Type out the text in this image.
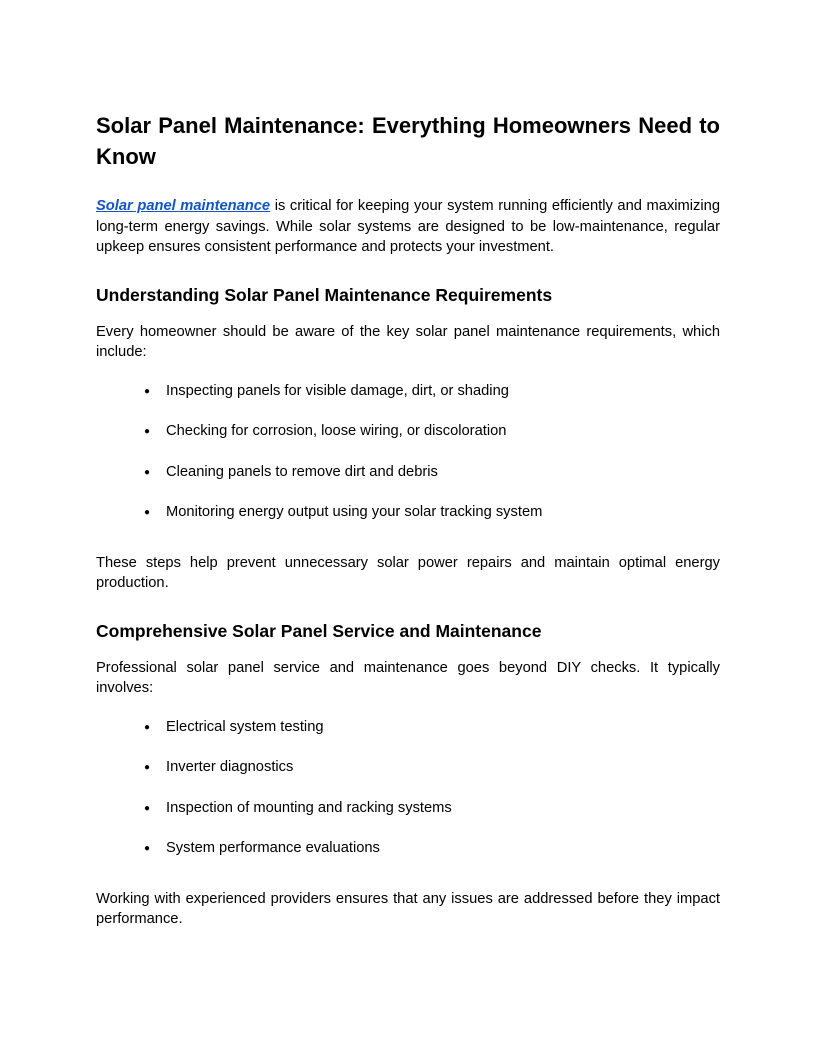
Solar Panel Maintenance: Everything Homeowners Need to Know

Solar panel maintenance is critical for keeping your system running efficiently and maximizing long-term energy savings. While solar systems are designed to be low-maintenance, regular upkeep ensures consistent performance and protects your investment.

Understanding Solar Panel Maintenance Requirements

Every homeowner should be aware of the key solar panel maintenance requirements, which include:

● Inspecting panels for visible damage, dirt, or shading
● Checking for corrosion, loose wiring, or discoloration
● Cleaning panels to remove dirt and debris
● Monitoring energy output using your solar tracking system

These steps help prevent unnecessary solar power repairs and maintain optimal energy production.

Comprehensive Solar Panel Service and Maintenance

Professional solar panel service and maintenance goes beyond DIY checks. It typically involves:

● Electrical system testing
● Inverter diagnostics
● Inspection of mounting and racking systems
● System performance evaluations

Working with experienced providers ensures that any issues are addressed before they impact performance.
